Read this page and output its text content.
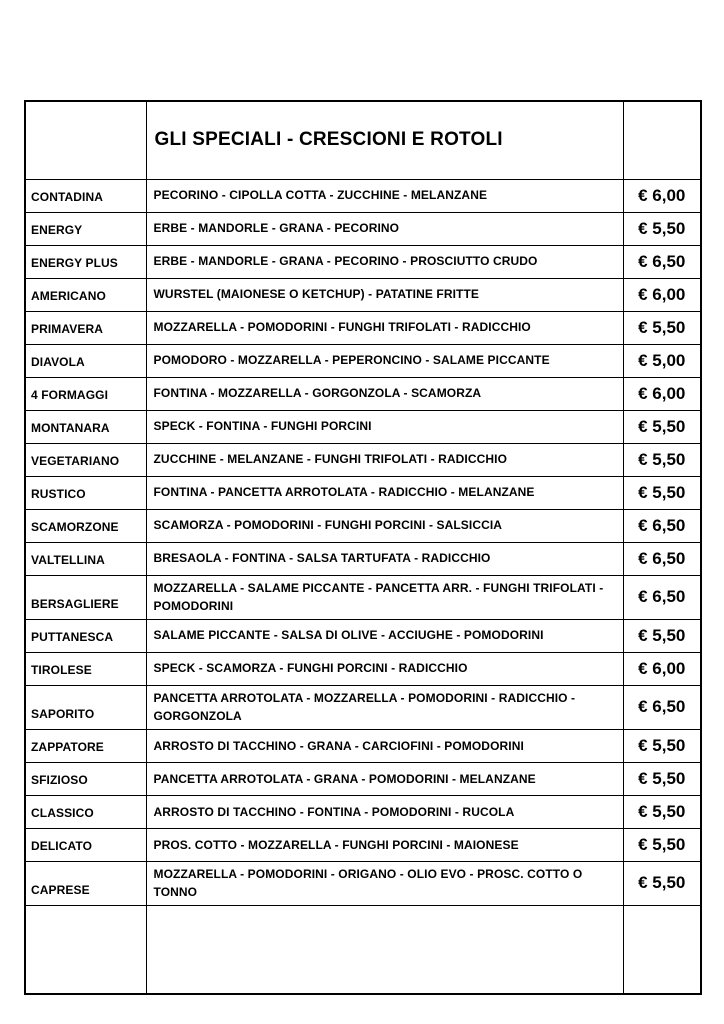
	GLI SPECIALI - CRESCIONI E ROTOLI	
CONTADINA	PECORINO - CIPOLLA COTTA - ZUCCHINE - MELANZANE	€ 6,00
ENERGY	ERBE - MANDORLE - GRANA - PECORINO	€ 5,50
ENERGY PLUS	ERBE - MANDORLE - GRANA - PECORINO - PROSCIUTTO CRUDO	€ 6,50
AMERICANO	WURSTEL (MAIONESE O KETCHUP) - PATATINE FRITTE	€ 6,00
PRIMAVERA	MOZZARELLA - POMODORINI - FUNGHI TRIFOLATI - RADICCHIO	€ 5,50
DIAVOLA	POMODORO - MOZZARELLA - PEPERONCINO - SALAME PICCANTE	€ 5,00
4 FORMAGGI	FONTINA - MOZZARELLA - GORGONZOLA - SCAMORZA	€ 6,00
MONTANARA	SPECK - FONTINA - FUNGHI PORCINI	€ 5,50
VEGETARIANO	ZUCCHINE - MELANZANE - FUNGHI TRIFOLATI - RADICCHIO	€ 5,50
RUSTICO	FONTINA - PANCETTA ARROTOLATA - RADICCHIO - MELANZANE	€ 5,50
SCAMORZONE	SCAMORZA - POMODORINI - FUNGHI PORCINI - SALSICCIA	€ 6,50
VALTELLINA	BRESAOLA - FONTINA - SALSA TARTUFATA - RADICCHIO	€ 6,50
BERSAGLIERE	MOZZARELLA - SALAME PICCANTE - PANCETTA ARR. - FUNGHI TRIFOLATI - POMODORINI	€ 6,50
PUTTANESCA	SALAME PICCANTE - SALSA DI OLIVE - ACCIUGHE - POMODORINI	€ 5,50
TIROLESE	SPECK - SCAMORZA - FUNGHI PORCINI - RADICCHIO	€ 6,00
SAPORITO	PANCETTA ARROTOLATA - MOZZARELLA - POMODORINI - RADICCHIO - GORGONZOLA	€ 6,50
ZAPPATORE	ARROSTO DI TACCHINO - GRANA - CARCIOFINI - POMODORINI	€ 5,50
SFIZIOSO	PANCETTA ARROTOLATA - GRANA - POMODORINI - MELANZANE	€ 5,50
CLASSICO	ARROSTO DI TACCHINO - FONTINA - POMODORINI - RUCOLA	€ 5,50
DELICATO	PROS. COTTO - MOZZARELLA - FUNGHI PORCINI - MAIONESE	€ 5,50
CAPRESE	MOZZARELLA - POMODORINI - ORIGANO - OLIO EVO - PROSC. COTTO O TONNO	€ 5,50
